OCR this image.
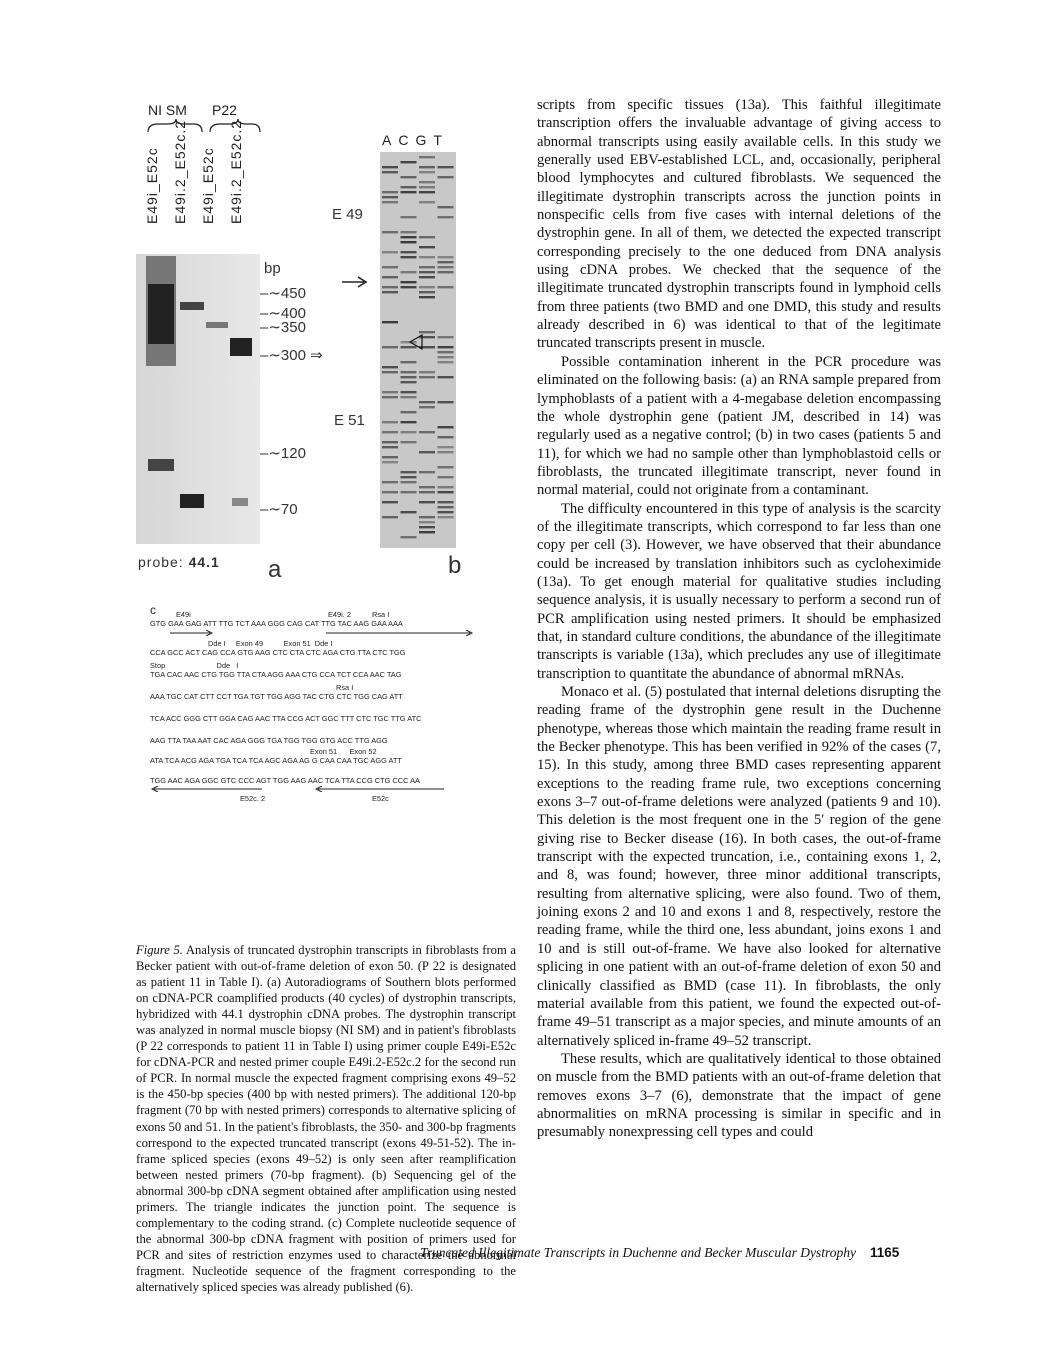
NI SM P22
E49i_E52c E49i.2_E52c.2 E49i_E52c E49i.2_E52c.2
bp
–∼450
–∼400
–∼350
–∼300 ⇒
–∼120
–∼70
probe: 44.1 a
ACGT
E 49
E 51
b
c	E49i	E49i. 2	Rsa I
GTG GAA GAG ATT TTG TCT AAA GGG CAG CAT TTG TAC AAG GAA AAA
Dde I     Exon 49          Exon 51  Dde I
CCA GCC ACT CAG CCA GTG AAG CTC CTA CTC AGA CTG TTA CTC TGG
Stop                         Dde   I
TGA CAC AAC CTG TGG TTA CTA AGG AAA CTG CCA TCT CCA AAC TAG
Rsa I
AAA TGC CAT CTT CCT TGA TGT TGG AGG TAC CTG CTC TGG CAG ATT
TCA ACC GGG CTT GGA CAG AAC TTA CCG ACT GGC TTT CTC TGC TTG ATC
AAG TTA TAA AAT CAC AGA GGG TGA TGG TGG GTG ACC TTG AGG
Exon 51      Exon 52
ATA TCA ACG AGA TGA TCA TCA AGC AGA AG G CAA CAA TGC AGG ATT
TGG AAC AGA GGC GTC CCC AGT TGG AAG AAC TCA TTA CCG CTG CCC AA
E52c. 2	E52c

Figure 5. Analysis of truncated dystrophin transcripts in fibroblasts from a Becker patient with out-of-frame deletion of exon 50. (P 22 is designated as patient 11 in Table I). (a) Autoradiograms of Southern blots performed on cDNA-PCR coamplified products (40 cycles) of dystrophin transcripts, hybridized with 44.1 dystrophin cDNA probes. The dystrophin transcript was analyzed in normal muscle biopsy (NI SM) and in patient's fibroblasts (P 22 corresponds to patient 11 in Table I) using primer couple E49i-E52c for cDNA-PCR and nested primer couple E49i.2-E52c.2 for the second run of PCR. In normal muscle the expected fragment comprising exons 49–52 is the 450-bp species (400 bp with nested primers). The additional 120-bp fragment (70 bp with nested primers) corresponds to alternative splicing of exons 50 and 51. In the patient's fibroblasts, the 350- and 300-bp fragments correspond to the expected truncated transcript (exons 49-51-52). The in-frame spliced species (exons 49–52) is only seen after reamplification between nested primers (70-bp fragment). (b) Sequencing gel of the abnormal 300-bp cDNA segment obtained after amplification using nested primers. The triangle indicates the junction point. The sequence is complementary to the coding strand. (c) Complete nucleotide sequence of the abnormal 300-bp cDNA fragment with position of primers used for PCR and sites of restriction enzymes used to characterize the abnormal fragment. Nucleotide sequence of the fragment corresponding to the alternatively spliced species was already published (6).

scripts from specific tissues (13a). This faithful illegitimate transcription offers the invaluable advantage of giving access to abnormal transcripts using easily available cells. In this study we generally used EBV-established LCL, and, occasionally, peripheral blood lymphocytes and cultured fibroblasts. We sequenced the illegitimate dystrophin transcripts across the junction points in nonspecific cells from five cases with internal deletions of the dystrophin gene. In all of them, we detected the expected transcript corresponding precisely to the one deduced from DNA analysis using cDNA probes. We checked that the sequence of the illegitimate truncated dystrophin transcripts found in lymphoid cells from three patients (two BMD and one DMD, this study and results already described in 6) was identical to that of the legitimate truncated transcripts present in muscle.

Possible contamination inherent in the PCR procedure was eliminated on the following basis: (a) an RNA sample prepared from lymphoblasts of a patient with a 4-megabase deletion encompassing the whole dystrophin gene (patient JM, described in 14) was regularly used as a negative control; (b) in two cases (patients 5 and 11), for which we had no sample other than lymphoblastoid cells or fibroblasts, the truncated illegitimate transcript, never found in normal material, could not originate from a contaminant.

The difficulty encountered in this type of analysis is the scarcity of the illegitimate transcripts, which correspond to far less than one copy per cell (3). However, we have observed that their abundance could be increased by translation inhibitors such as cycloheximide (13a). To get enough material for qualitative studies including sequence analysis, it is usually necessary to perform a second run of PCR amplification using nested primers. It should be emphasized that, in standard culture conditions, the abundance of the illegitimate transcripts is variable (13a), which precludes any use of illegitimate transcription to quantitate the abundance of abnormal mRNAs.

Monaco et al. (5) postulated that internal deletions disrupting the reading frame of the dystrophin gene result in the Duchenne phenotype, whereas those which maintain the reading frame result in the Becker phenotype. This has been verified in 92% of the cases (7, 15). In this study, among three BMD cases representing apparent exceptions to the reading frame rule, two exceptions concerning exons 3–7 out-of-frame deletions were analyzed (patients 9 and 10). This deletion is the most frequent one in the 5′ region of the gene giving rise to Becker disease (16). In both cases, the out-of-frame transcript with the expected truncation, i.e., containing exons 1, 2, and 8, was found; however, three minor additional transcripts, resulting from alternative splicing, were also found. Two of them, joining exons 2 and 10 and exons 1 and 8, respectively, restore the reading frame, while the third one, less abundant, joins exons 1 and 10 and is still out-of-frame. We have also looked for alternative splicing in one patient with an out-of-frame deletion of exon 50 and clinically classified as BMD (case 11). In fibroblasts, the only material available from this patient, we found the expected out-of-frame 49–51 transcript as a major species, and minute amounts of an alternatively spliced in-frame 49–52 transcript.

These results, which are qualitatively identical to those obtained on muscle from the BMD patients with an out-of-frame deletion that removes exons 3–7 (6), demonstrate that the impact of gene abnormalities on mRNA processing is similar in specific and in presumably nonexpressing cell types and could

Truncated Illegitimate Transcripts in Duchenne and Becker Muscular Dystrophy 1165
